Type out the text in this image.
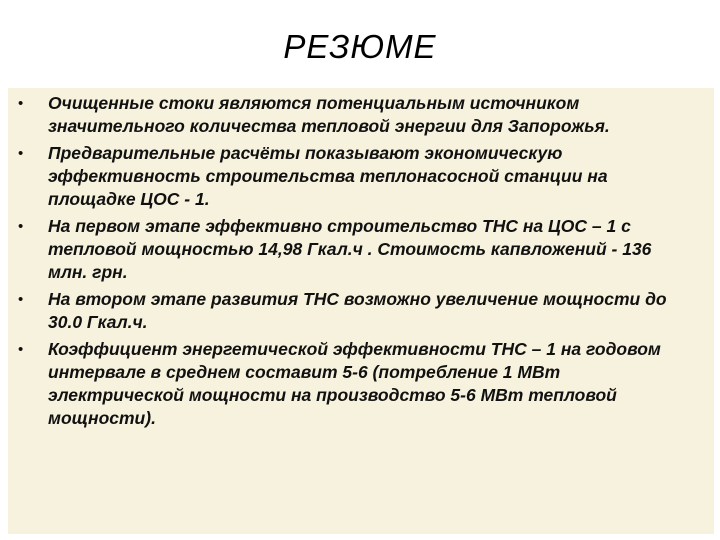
РЕЗЮМЕ
• Очищенные стоки являются потенциальным источником значительного количества тепловой энергии для Запорожья.
• Предварительные расчёты показывают экономическую эффективность строительства теплонасосной станции на площадке ЦОС - 1.
• На первом этапе эффективно строительство ТНС на ЦОС – 1 с тепловой мощностью 14,98 Гкал.ч . Стоимость капвложений - 136 млн. грн.
• На втором этапе развития ТНС возможно увеличение мощности до 30.0 Гкал.ч.
• Коэффициент энергетической эффективности ТНС – 1 на годовом интервале в среднем составит 5-6 (потребление 1 МВт электрической мощности на производство 5-6 МВт тепловой мощности).
